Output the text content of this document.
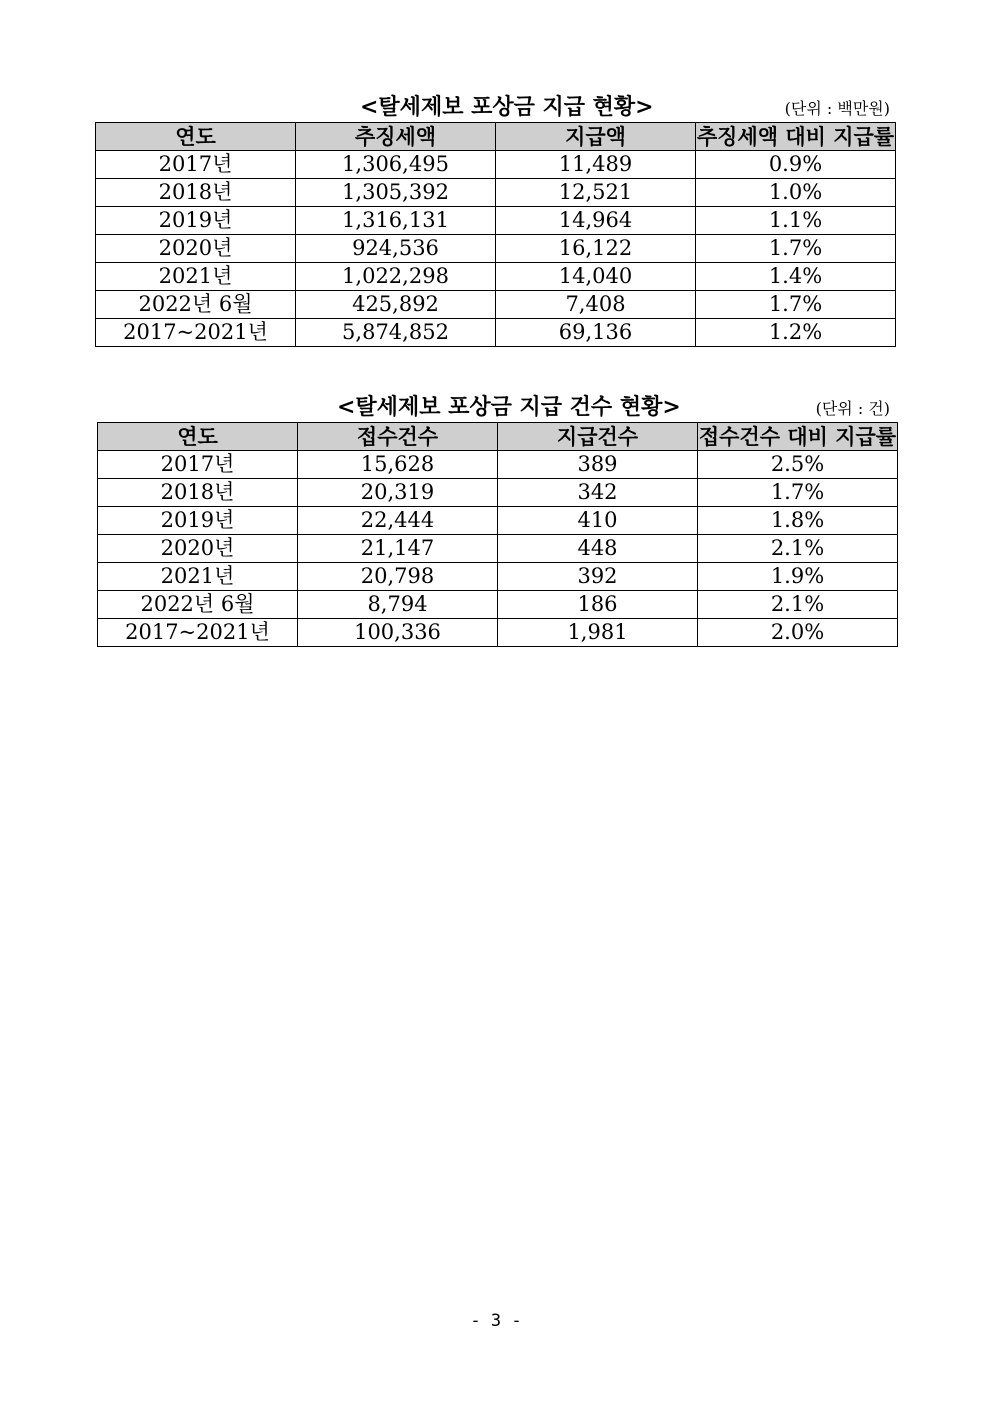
<탈세제보 포상금 지급 현황>	(단위 : 백만원)
연도	추징세액	지급액	추징세액 대비 지급률
2017년	1,306,495	11,489	0.9%
2018년	1,305,392	12,521	1.0%
2019년	1,316,131	14,964	1.1%
2020년	924,536	16,122	1.7%
2021년	1,022,298	14,040	1.4%
2022년 6월	425,892	7,408	1.7%
2017~2021년	5,874,852	69,136	1.2%
<탈세제보 포상금 지급 건수 현황>	(단위 : 건)
연도	접수건수	지급건수	접수건수 대비 지급률
2017년	15,628	389	2.5%
2018년	20,319	342	1.7%
2019년	22,444	410	1.8%
2020년	21,147	448	2.1%
2021년	20,798	392	1.9%
2022년 6월	8,794	186	2.1%
2017~2021년	100,336	1,981	2.0%
- 3 -
